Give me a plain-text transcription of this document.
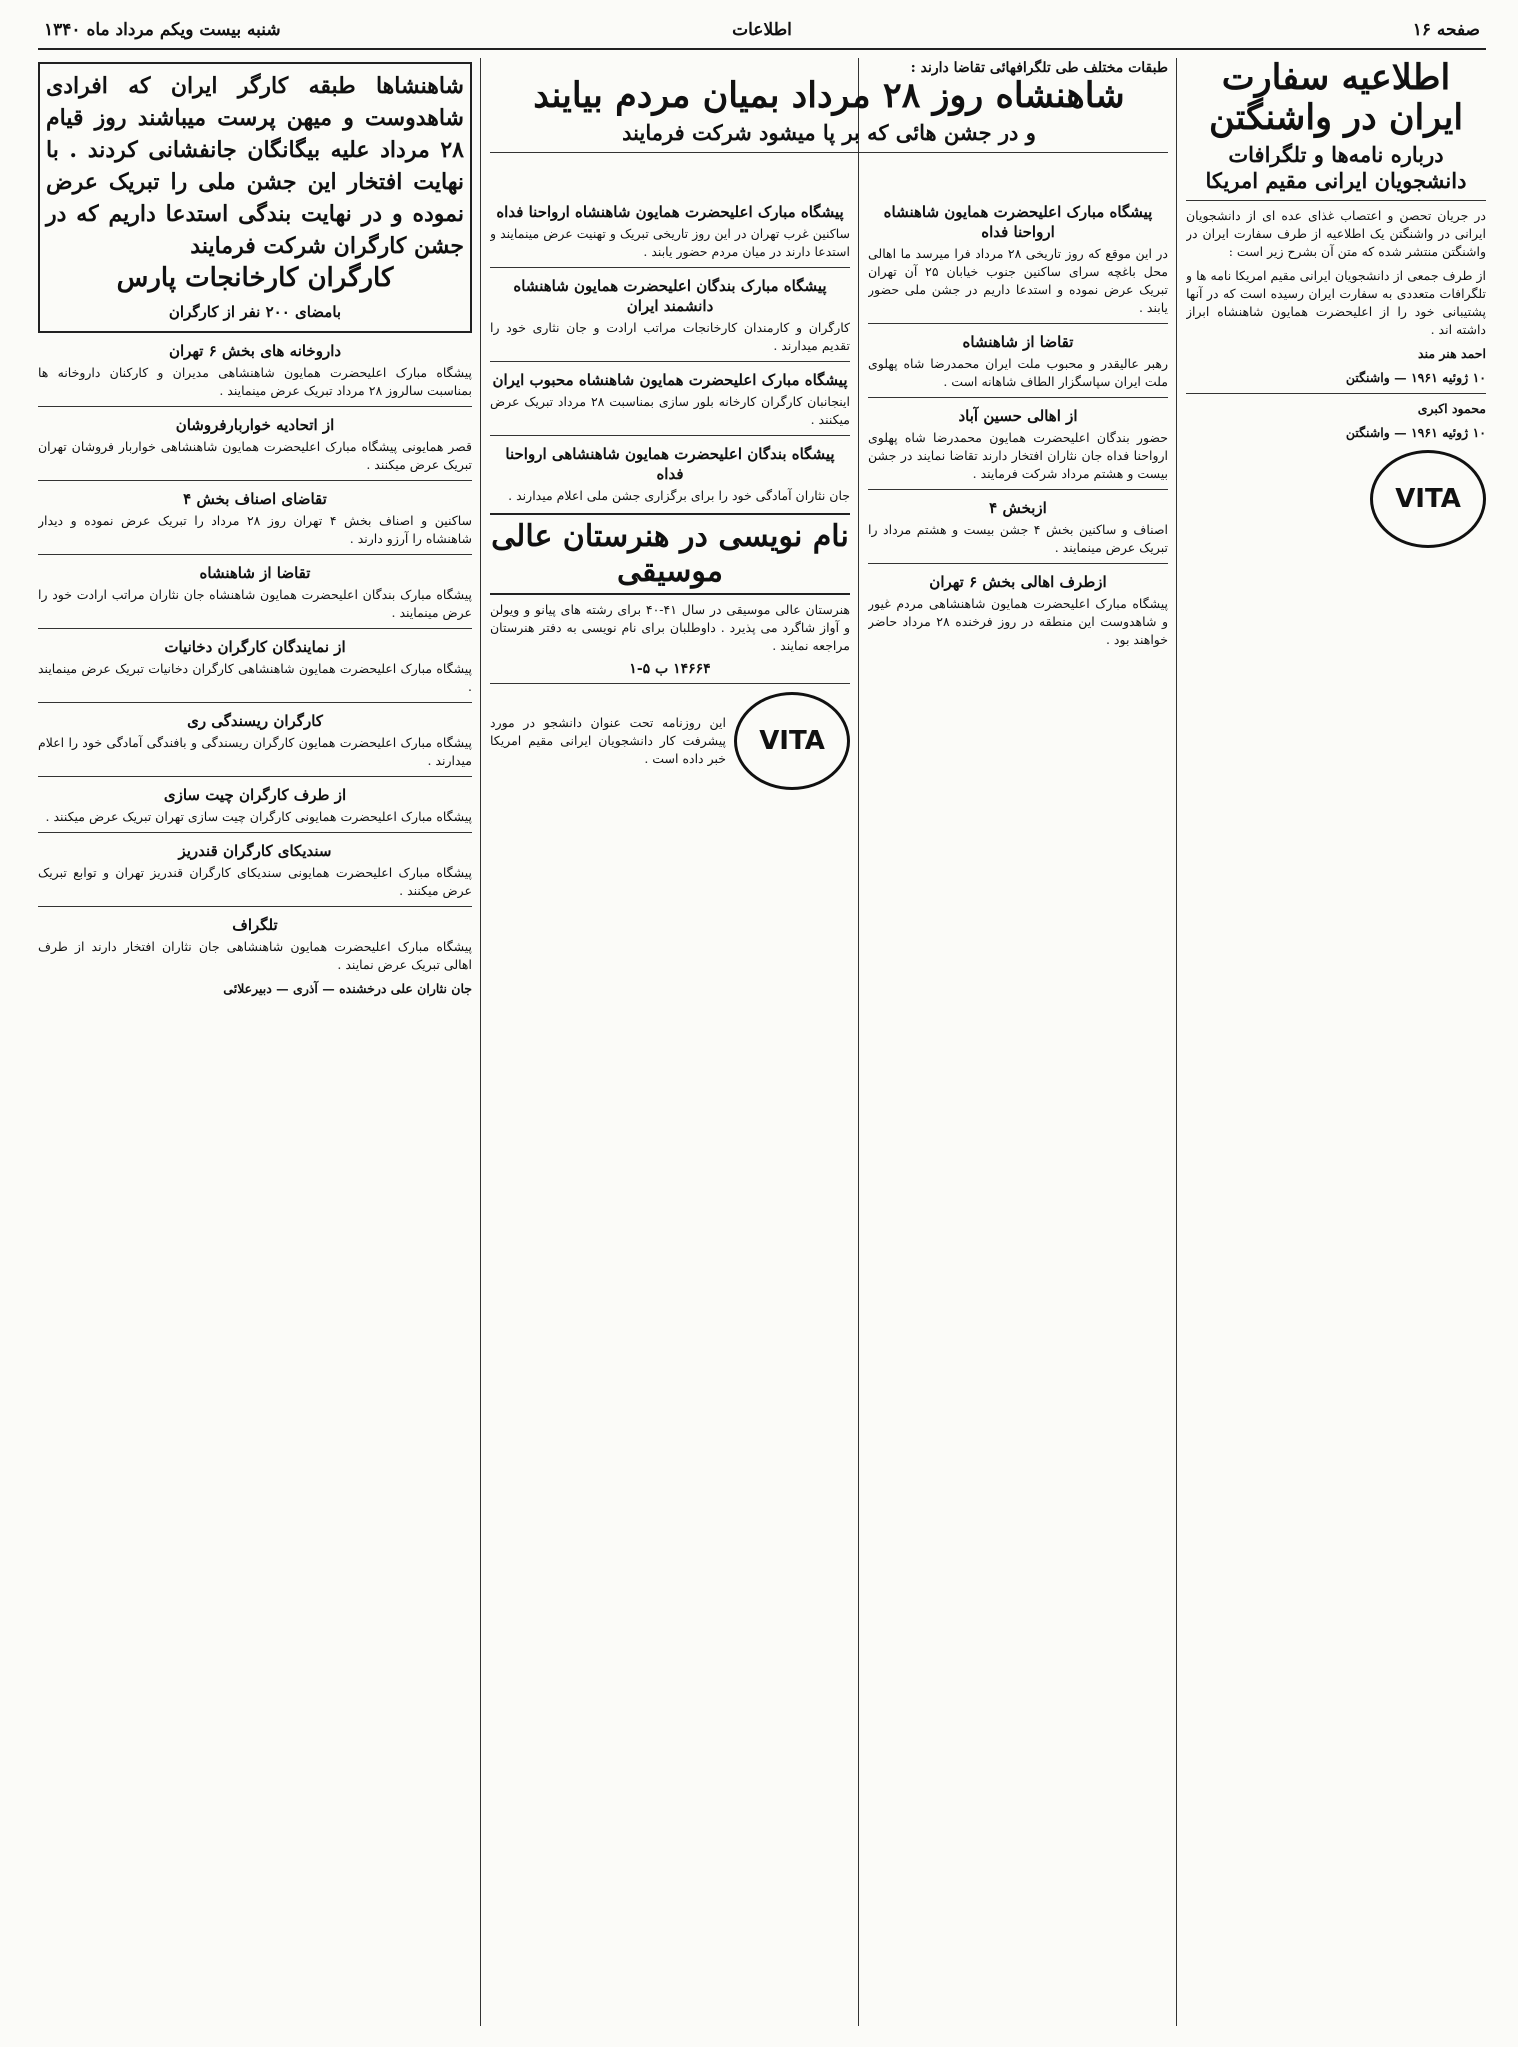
صفحه ۱۶
اطلاعات
شنبه بیست ویکم مرداد ماه ۱۳۴۰
اطلاعیه سفارت ایران در واشنگتن
درباره نامه‌ها و تلگرافات دانشجویان ایرانی مقیم امریکا

در جریان تحصن و اعتصاب غذای عده ای از دانشجویان ایرانی در واشنگتن یک اطلاعیه از طرف سفارت ایران در واشنگتن منتشر شده که متن آن بشرح زیر است :

از طرف جمعی از دانشجویان ایرانی مقیم امریکا نامه ها و تلگرافات متعددی به سفارت ایران رسیده است که در آنها پشتیبانی خود را از اعلیحضرت همایون شاهنشاه ابراز داشته اند .

احمد هنر مند
۱۰ ژوئیه ۱۹۶۱ — واشنگتن
محمود اکبری
۱۰ ژوئیه ۱۹۶۱ — واشنگتن
VITA
طبقات مختلف طی تلگرافهائی تقاضا دارند :
شاهنشاه روز ۲۸ مرداد بمیان مردم بیایند
و در جشن هائی که بر پا میشود شرکت فرمایند
پیشگاه مبارک اعلیحضرت همایون شاهنشاه ارواحنا فداه

در این موقع که روز تاریخی ۲۸ مرداد فرا میرسد ما اهالی محل باغچه سرای ساکنین جنوب خیابان ۲۵ آن تهران تبریک عرض نموده و استدعا داریم در جشن ملی حضور یابند .

تقاضا از شاهنشاه

رهبر عالیقدر و محبوب ملت ایران محمدرضا شاه پهلوی ملت ایران سپاسگزار الطاف شاهانه است .

از اهالی حسین آباد

حضور بندگان اعلیحضرت همایون محمدرضا شاه پهلوی ارواحنا فداه جان نثاران افتخار دارند تقاضا نمایند در جشن بیست و هشتم مرداد شرکت فرمایند .

ازبخش ۴

اصناف و ساکنین بخش ۴ جشن بیست و هشتم مرداد را تبریک عرض مینمایند .

ازطرف اهالی بخش ۶ تهران

پیشگاه مبارک اعلیحضرت همایون شاهنشاهی مردم غیور و شاهدوست این منطقه در روز فرخنده ۲۸ مرداد حاضر خواهند بود .

پیشگاه مبارک اعلیحضرت همایون شاهنشاه ارواحنا فداه

ساکنین غرب تهران در این روز تاریخی تبریک و تهنیت عرض مینمایند و استدعا دارند در میان مردم حضور یابند .

پیشگاه مبارک بندگان اعلیحضرت همایون شاهنشاه دانشمند ایران

کارگران و کارمندان کارخانجات مراتب ارادت و جان نثاری خود را تقدیم میدارند .

پیشگاه مبارک اعلیحضرت همایون شاهنشاه محبوب ایران

اینجانبان کارگران کارخانه بلور سازی بمناسبت ۲۸ مرداد تبریک عرض میکنند .

پیشگاه بندگان اعلیحضرت همایون شاهنشاهی ارواحنا فداه

جان نثاران آمادگی خود را برای برگزاری جشن ملی اعلام میدارند .

نام نویسی در هنرستان عالی موسیقی

هنرستان عالی موسیقی در سال ۴۱-۴۰ برای رشته های پیانو و ویولن و آواز شاگرد می پذیرد . داوطلبان برای نام نویسی به دفتر هنرستان مراجعه نمایند .

۱۴۶۶۴ ب ۵-۱
VITA
این روزنامه تحت عنوان دانشجو در مورد پیشرفت کار دانشجویان ایرانی مقیم امریکا خبر داده است .
شاهنشاها طبقه کارگر ایران که افرادی شاهدوست و میهن پرست میباشند روز قیام ۲۸ مرداد علیه بیگانگان جانفشانی کردند . با نهایت افتخار این جشن ملی را تبریک عرض نموده و در نهایت بندگی استدعا داریم که در جشن کارگران شرکت فرمایند
کارگران کارخانجات پارس
بامضای ۲۰۰ نفر از کارگران
داروخانه های بخش ۶ تهران

پیشگاه مبارک اعلیحضرت همایون شاهنشاهی مدیران و کارکنان داروخانه ها بمناسبت سالروز ۲۸ مرداد تبریک عرض مینمایند .

از اتحادیه خواربارفروشان

قصر همایونی پیشگاه مبارک اعلیحضرت همایون شاهنشاهی خواربار فروشان تهران تبریک عرض میکنند .

تقاضای اصناف بخش ۴

ساکنین و اصناف بخش ۴ تهران روز ۲۸ مرداد را تبریک عرض نموده و دیدار شاهنشاه را آرزو دارند .

تقاضا از شاهنشاه

پیشگاه مبارک بندگان اعلیحضرت همایون شاهنشاه جان نثاران مراتب ارادت خود را عرض مینمایند .

از نمایندگان کارگران دخانیات

پیشگاه مبارک اعلیحضرت همایون شاهنشاهی کارگران دخانیات تبریک عرض مینمایند .

کارگران ریسندگی ری

پیشگاه مبارک اعلیحضرت همایون کارگران ریسندگی و بافندگی آمادگی خود را اعلام میدارند .

از طرف کارگران چیت سازی

پیشگاه مبارک اعلیحضرت همایونی کارگران چیت سازی تهران تبریک عرض میکنند .

سندیکای کارگران قندریز

پیشگاه مبارک اعلیحضرت همایونی سندیکای کارگران قندریز تهران و توابع تبریک عرض میکنند .

تلگراف

پیشگاه مبارک اعلیحضرت همایون شاهنشاهی جان نثاران افتخار دارند از طرف اهالی تبریک عرض نمایند .

جان نثاران علی درخشنده — آذری — دبیرعلائی
